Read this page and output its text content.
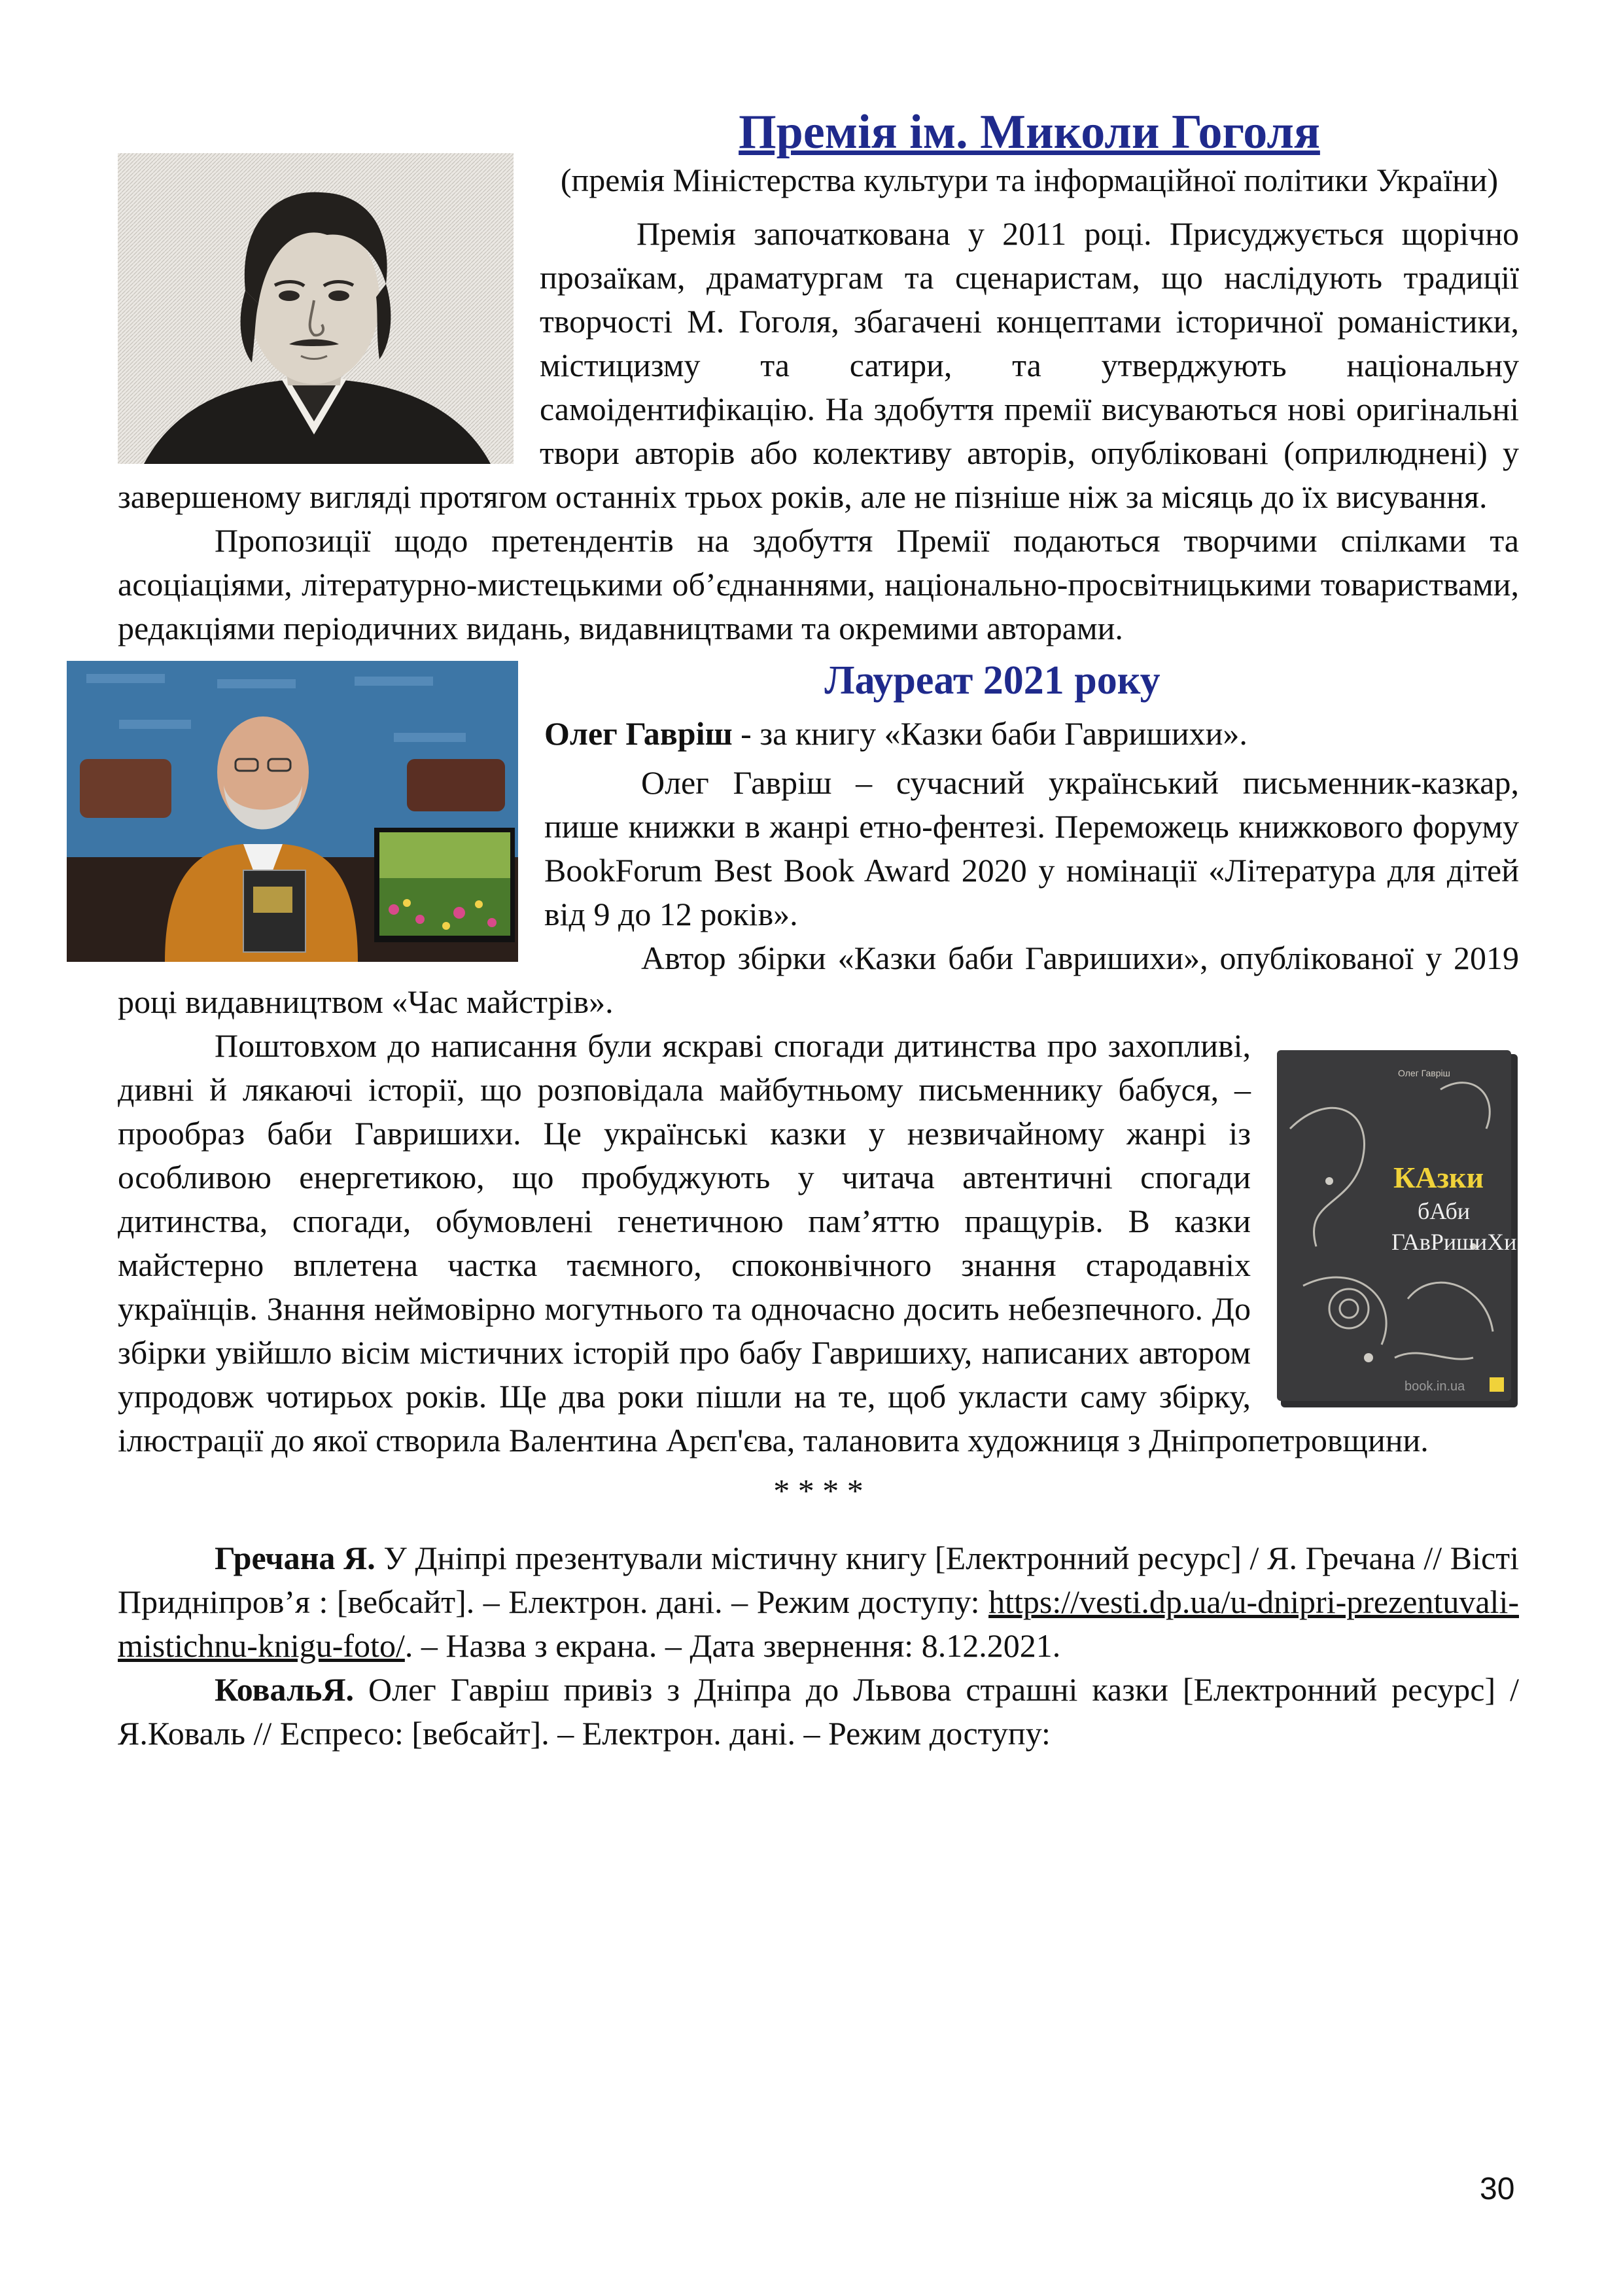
Премія ім. Миколи Гоголя

(премія Міністерства культури та інформаційної політики України)

Премія започаткована у 2011 році. Присуджується щорічно прозаїкам, драматургам та сценаристам, що наслідують традиції творчості М. Гоголя, збагачені концептами історичної романістики, містицизму та сатири, та утверджують національну самоідентифікацію. На здобуття премії висуваються нові оригінальні твори авторів або колективу авторів, опубліковані (оприлюднені) у завершеному вигляді протягом останніх трьох років, але не пізніше ніж за місяць до їх висування.

Пропозиції щодо претендентів на здобуття Премії подаються творчими спілками та асоціаціями, літературно-мистецькими об’єднаннями, національно-просвітницькими товариствами, редакціями періодичних видань, видавництвами та окремими авторами.

Лауреат 2021 року

Олег Гавріш - за книгу «Казки баби Гавришихи».

Олег Гавріш – сучасний український письменник-казкар, пише книжки в жанрі етно-фентезі. Переможець книжкового форуму BookForum Best Book Award 2020 у номінації «Література для дітей від 9 до 12 років».

Автор збірки «Казки баби Гавришихи», опублікованої у 2019 році видавництвом «Час майстрів».

Олег Гавріш
КАзки
бАби
ГАвРишиХи
book.in.ua

Поштовхом до написання були яскраві спогади дитинства про захопливі, дивні й лякаючі історії, що розповідала майбутньому письменнику бабуся, – прообраз баби Гавришихи. Це українські казки у незвичайному жанрі із особливою енергетикою, що пробуджують у читача автентичні спогади дитинства, спогади, обумовлені генетичною пам’яттю пращурів. В казки майстерно вплетена частка таємного, споконвічного знання стародавніх українців. Знання неймовірно могутнього та одночасно досить небезпечного. До збірки увійшло вісім містичних історій про бабу Гавришиху, написаних автором упродовж чотирьох років. Ще два роки пішли на те, щоб укласти саму збірку, ілюстрації до якої створила Валентина Арєп'єва, талановита художниця з Дніпропетровщини.

* * * *

Гречана Я. У Дніпрі презентували містичну книгу [Електронний ресурс] / Я. Гречана // Вісті Придніпров’я : [вебсайт]. – Електрон. дані. – Режим доступу: https://vesti.dp.ua/u-dnipri-prezentuvali-mistichnu-knigu-foto/. – Назва з екрана. – Дата звернення: 8.12.2021.

КовальЯ. Олег Гавріш привіз з Дніпра до Львова страшні казки [Електронний ресурс] / Я.Коваль // Еспресо: [вебсайт]. – Електрон. дані. – Режим доступу:

30
